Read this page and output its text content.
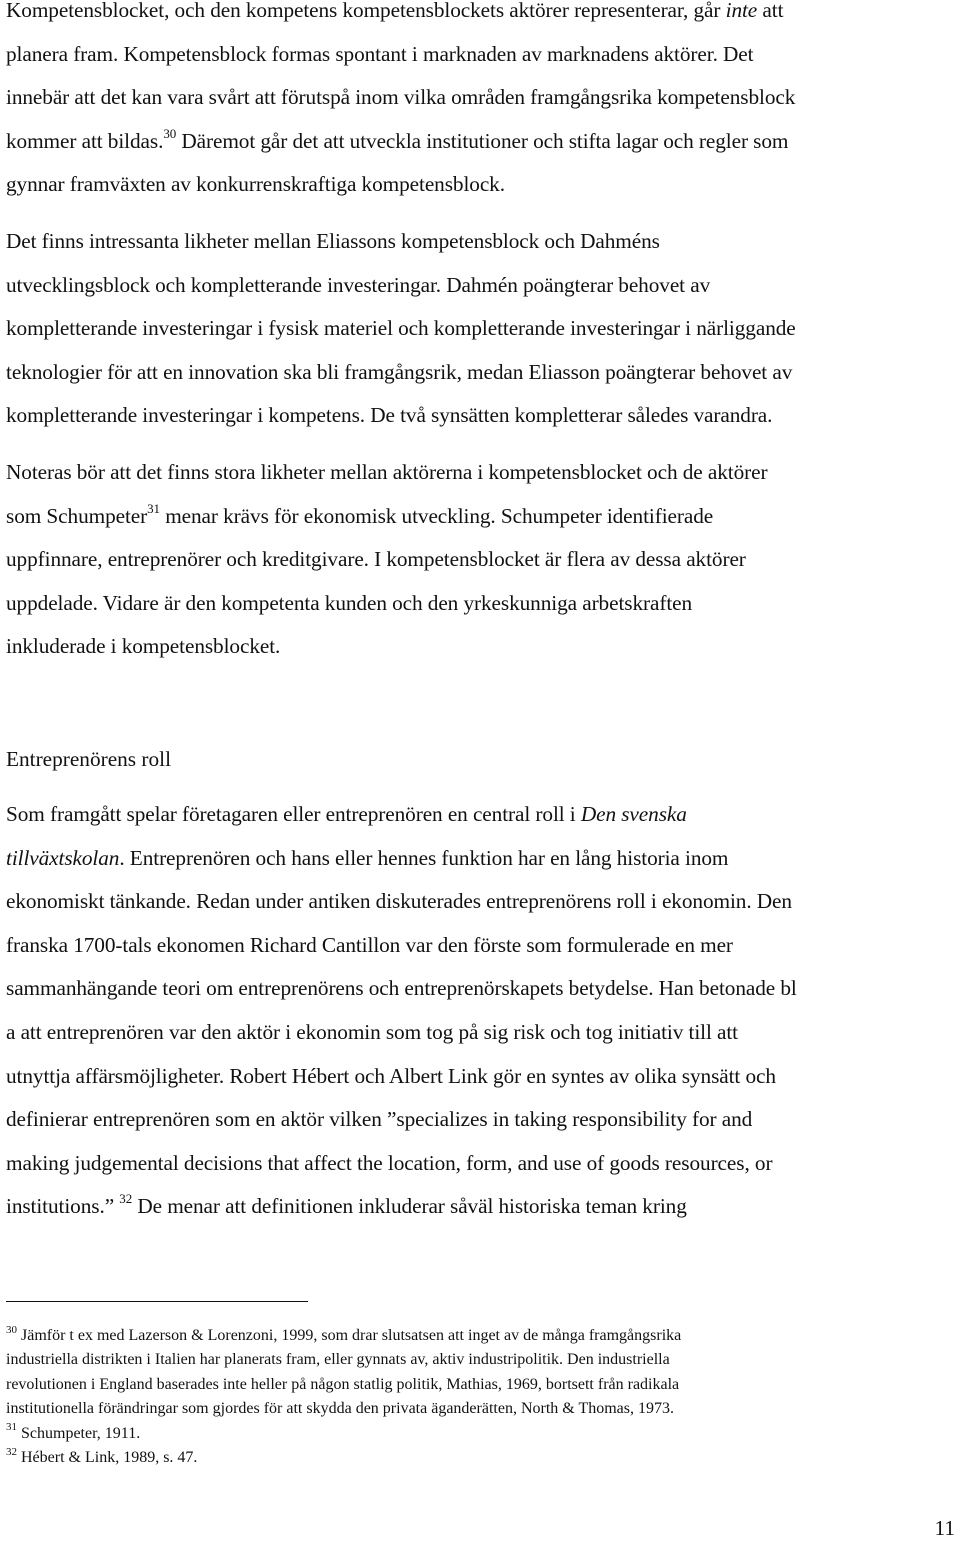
Kompetensblocket, och den kompetens kompetensblockets aktörer representerar, går inte att
planera fram. Kompetensblock formas spontant i marknaden av marknadens aktörer. Det
innebär att det kan vara svårt att förutspå inom vilka områden framgångsrika kompetensblock
kommer att bildas.$^{30}$ Däremot går det att utveckla institutioner och stifta lagar och regler som
gynnar framväxten av konkurrenskraftiga kompetensblock.

Det finns intressanta likheter mellan Eliassons kompetensblock och Dahméns
utvecklingsblock och kompletterande investeringar. Dahmén poängterar behovet av
kompletterande investeringar i fysisk materiel och kompletterande investeringar i närliggande
teknologier för att en innovation ska bli framgångsrik, medan Eliasson poängterar behovet av
kompletterande investeringar i kompetens. De två synsätten kompletterar således varandra.

Noteras bör att det finns stora likheter mellan aktörerna i kompetensblocket och de aktörer
som Schumpeter$^{31}$ menar krävs för ekonomisk utveckling. Schumpeter identifierade
uppfinnare, entreprenörer och kreditgivare. I kompetensblocket är flera av dessa aktörer
uppdelade. Vidare är den kompetenta kunden och den yrkeskunniga arbetskraften
inkluderade i kompetensblocket.

Entreprenörens roll

Som framgått spelar företagaren eller entreprenören en central roll i Den svenska
tillväxtskolan. Entreprenören och hans eller hennes funktion har en lång historia inom
ekonomiskt tänkande. Redan under antiken diskuterades entreprenörens roll i ekonomin. Den
franska 1700-tals ekonomen Richard Cantillon var den förste som formulerade en mer
sammanhängande teori om entreprenörens och entreprenörskapets betydelse. Han betonade bl
a att entreprenören var den aktör i ekonomin som tog på sig risk och tog initiativ till att
utnyttja affärsmöjligheter. Robert Hébert och Albert Link gör en syntes av olika synsätt och
definierar entreprenören som en aktör vilken ”specializes in taking responsibility for and
making judgemental decisions that affect the location, form, and use of goods resources, or
institutions.” $^{32}$ De menar att definitionen inkluderar såväl historiska teman kring

$^{30}$ Jämför t ex med Lazerson & Lorenzoni, 1999, som drar slutsatsen att inget av de många framgångsrika
industriella distrikten i Italien har planerats fram, eller gynnats av, aktiv industripolitik. Den industriella
revolutionen i England baserades inte heller på någon statlig politik, Mathias, 1969, bortsett från radikala
institutionella förändringar som gjordes för att skydda den privata äganderätten, North & Thomas, 1973.
$^{31}$ Schumpeter, 1911.
$^{32}$ Hébert & Link, 1989, s. 47.
11
